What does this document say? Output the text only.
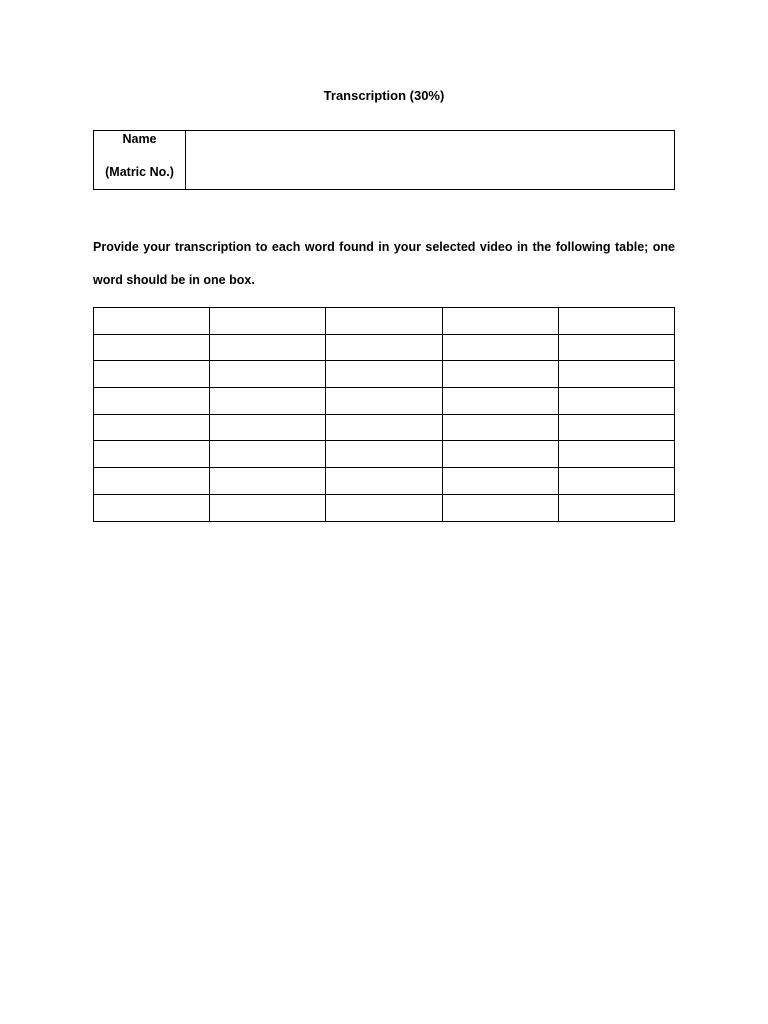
Transcription (30%)
Name
(Matric No.)

Provide your transcription to each word found in your selected video in the following table; one word should be in one box.
